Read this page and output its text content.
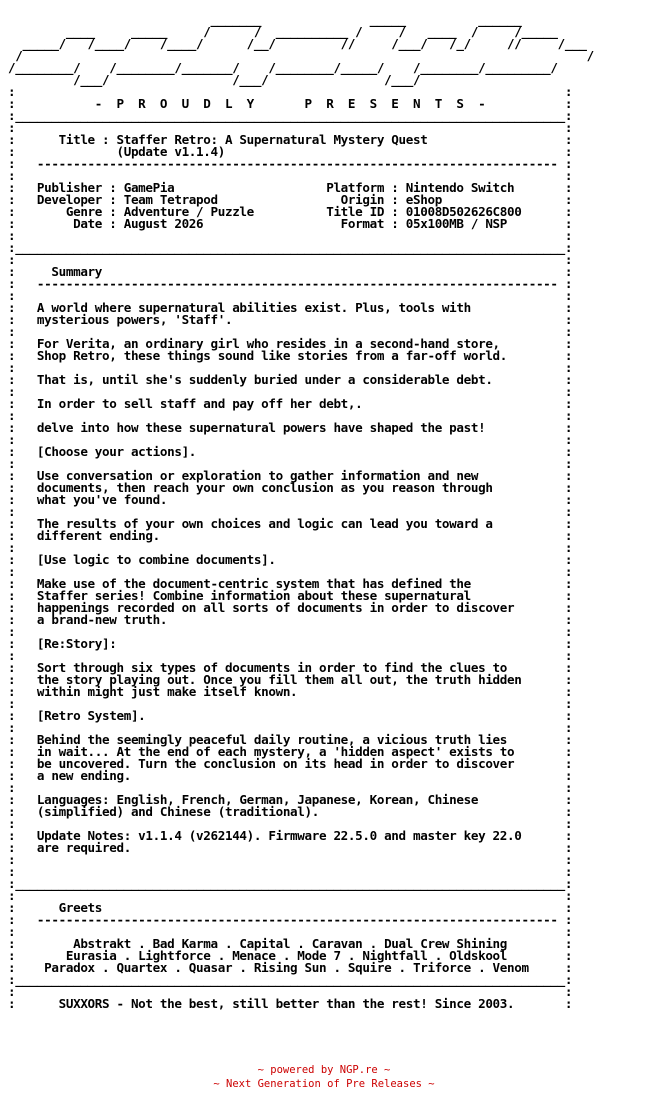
_______               _____          ______
____     _____     /      /  __________ /     /   ____  /     /_____
_____/   /____/    /____/      /__/         //     /___/   /_/     //     /___
/                                                                              /
/________/    /________/_______/    /________/_____/    /________/_________/
/___/                 /___/                /___/
:                                                                            :
:           -  P  R  O  U  D  L  Y       P  R  E  S  E  N  T  S  -           :
:____________________________________________________________________________:
:                                                                            :
:      Title : Staffer Retro: A Supernatural Mystery Quest                   :
:              (Update v1.1.4)                                               :
:   ------------------------------------------------------------------------ :
:                                                                            :
:   Publisher : GamePia                     Platform : Nintendo Switch       :
:   Developer : Team Tetrapod                 Origin : eShop                 :
:       Genre : Adventure / Puzzle          Title ID : 01008D502626C800      :
:        Date : August 2026                   Format : 05x100MB / NSP        :
:                                                                            :
:____________________________________________________________________________:
:                                                                            :
:     Summary                                                                :
:   ------------------------------------------------------------------------ :
:                                                                            :
:   A world where supernatural abilities exist. Plus, tools with             :
:   mysterious powers, 'Staff'.                                              :
:                                                                            :
:   For Verita, an ordinary girl who resides in a second-hand store,         :
:   Shop Retro, these things sound like stories from a far-off world.        :
:                                                                            :
:   That is, until she's suddenly buried under a considerable debt.          :
:                                                                            :
:   In order to sell staff and pay off her debt,.                            :
:                                                                            :
:   delve into how these supernatural powers have shaped the past!           :
:                                                                            :
:   [Choose your actions].                                                   :
:                                                                            :
:   Use conversation or exploration to gather information and new            :
:   documents, then reach your own conclusion as you reason through          :
:   what you've found.                                                       :
:                                                                            :
:   The results of your own choices and logic can lead you toward a          :
:   different ending.                                                        :
:                                                                            :
:   [Use logic to combine documents].                                        :
:                                                                            :
:   Make use of the document-centric system that has defined the             :
:   Staffer series! Combine information about these supernatural             :
:   happenings recorded on all sorts of documents in order to discover       :
:   a brand-new truth.                                                       :
:                                                                            :
:   [Re:Story]:                                                              :
:                                                                            :
:   Sort through six types of documents in order to find the clues to        :
:   the story playing out. Once you fill them all out, the truth hidden      :
:   within might just make itself known.                                     :
:                                                                            :
:   [Retro System].                                                          :
:                                                                            :
:   Behind the seemingly peaceful daily routine, a vicious truth lies        :
:   in wait... At the end of each mystery, a 'hidden aspect' exists to       :
:   be uncovered. Turn the conclusion on its head in order to discover       :
:   a new ending.                                                            :
:                                                                            :
:   Languages: English, French, German, Japanese, Korean, Chinese            :
:   (simplified) and Chinese (traditional).                                  :
:                                                                            :
:   Update Notes: v1.1.4 (v262144). Firmware 22.5.0 and master key 22.0      :
:   are required.                                                            :
:                                                                            :
:                                                                            :
:____________________________________________________________________________:
:                                                                            :
:      Greets                                                                :
:   ------------------------------------------------------------------------ :
:                                                                            :
:        Abstrakt . Bad Karma . Capital . Caravan . Dual Crew Shining        :
:       Eurasia . Lightforce . Menace . Mode 7 . Nightfall . Oldskool        :
:    Paradox . Quartex . Quasar . Rising Sun . Squire . Triforce . Venom     :
:____________________________________________________________________________:
:                                                                            :
:      SUXXORS - Not the best, still better than the rest! Since 2003.       :
~ powered by NGP.re ~
~ Next Generation of Pre Releases ~
